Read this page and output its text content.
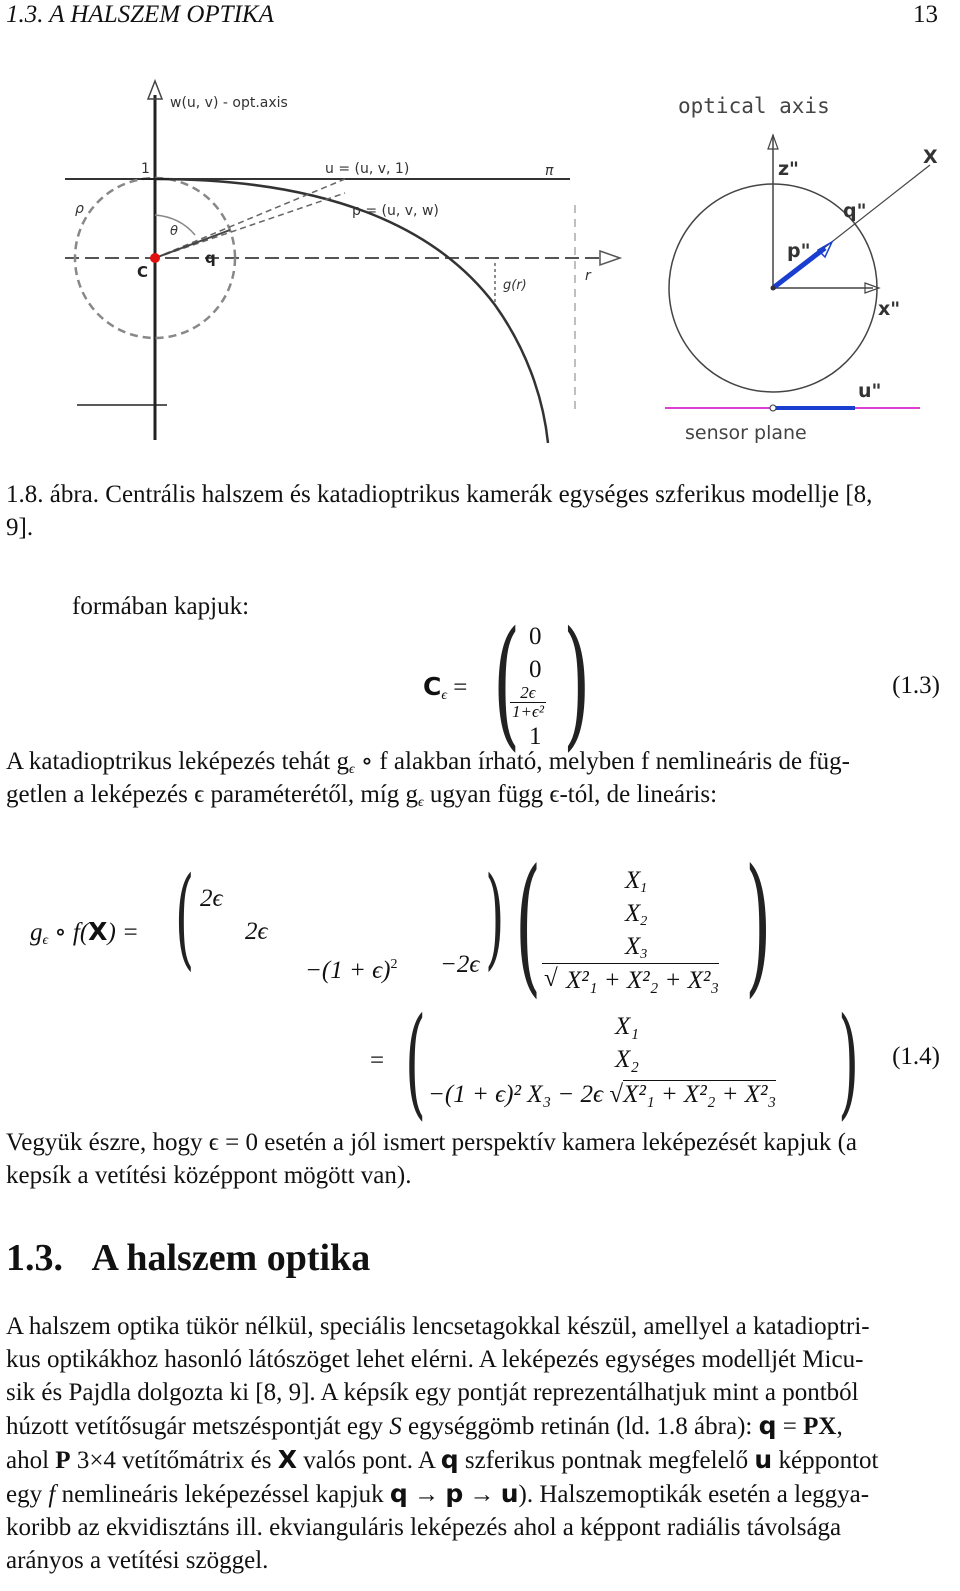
1.3. A HALSZEM OPTIKA	13
w(u, v) - opt.axis
1	u = (u, v, 1)
p = (u, v, w)
π
ρ
θ
C
q
r
g(r)
optical axis
z"
X
q"
p"
x"
u"
sensor plane
1.8. ábra. Centrális halszem és katadioptrikus kamerák egységes szferikus modellje [8,
9].
formában kapjuk:
$C_\epsilon$ = ( )
0
0
$\frac{2\epsilon}{\text{1+ϵ²}}$
1
(1.3)
A katadioptrikus leképezés tehát $g_\epsilon$ ∘ f alakban írható, melyben f nemlineáris de füg-
getlen a leképezés ϵ paraméterétől, míg $g_\epsilon$ ugyan függ ϵ-tól, de lineáris:
$g_\epsilon$ ∘ f(X) = ( 2ϵ
2ϵ
$-(1 + \epsilon)^2 -2\epsilon$ ) (	$X_1$
$X_2$
$X_3$
√ X²₁ + X²₂ + X²₃ )
= (	X₁
X₂
−(1 + ϵ)² X₃ − 2ϵ √X²₁ + X²₂ + X²₃ ) (1.4)
Vegyük észre, hogy ϵ = 0 esetén a jól ismert perspektív kamera leképezését kapjuk (a
kepsík a vetítési középpont mögött van).
1.3. A halszem optika
A halszem optika tükör nélkül, speciális lencsetagokkal készül, amellyel a katadioptri-
kus optikákhoz hasonló látószöget lehet elérni. A leképezés egységes modelljét Micu-
sik és Pajdla dolgozta ki [8, 9]. A képsík egy pontját reprezentálhatjuk mint a pontból
húzott vetítősugár metszéspontját egy S egységgömb retinán (ld. 1.8 ábra): q = PX,
ahol P 3×4 vetítőmátrix és X valós pont. A q szferikus pontnak megfelelő u képpontot
egy f nemlineáris leképezéssel kapjuk q → p → u). Halszemoptikák esetén a leggya-
koribb az ekvidisztáns ill. ekvianguláris leképezés ahol a képpont radiális távolsága
arányos a vetítési szöggel.
